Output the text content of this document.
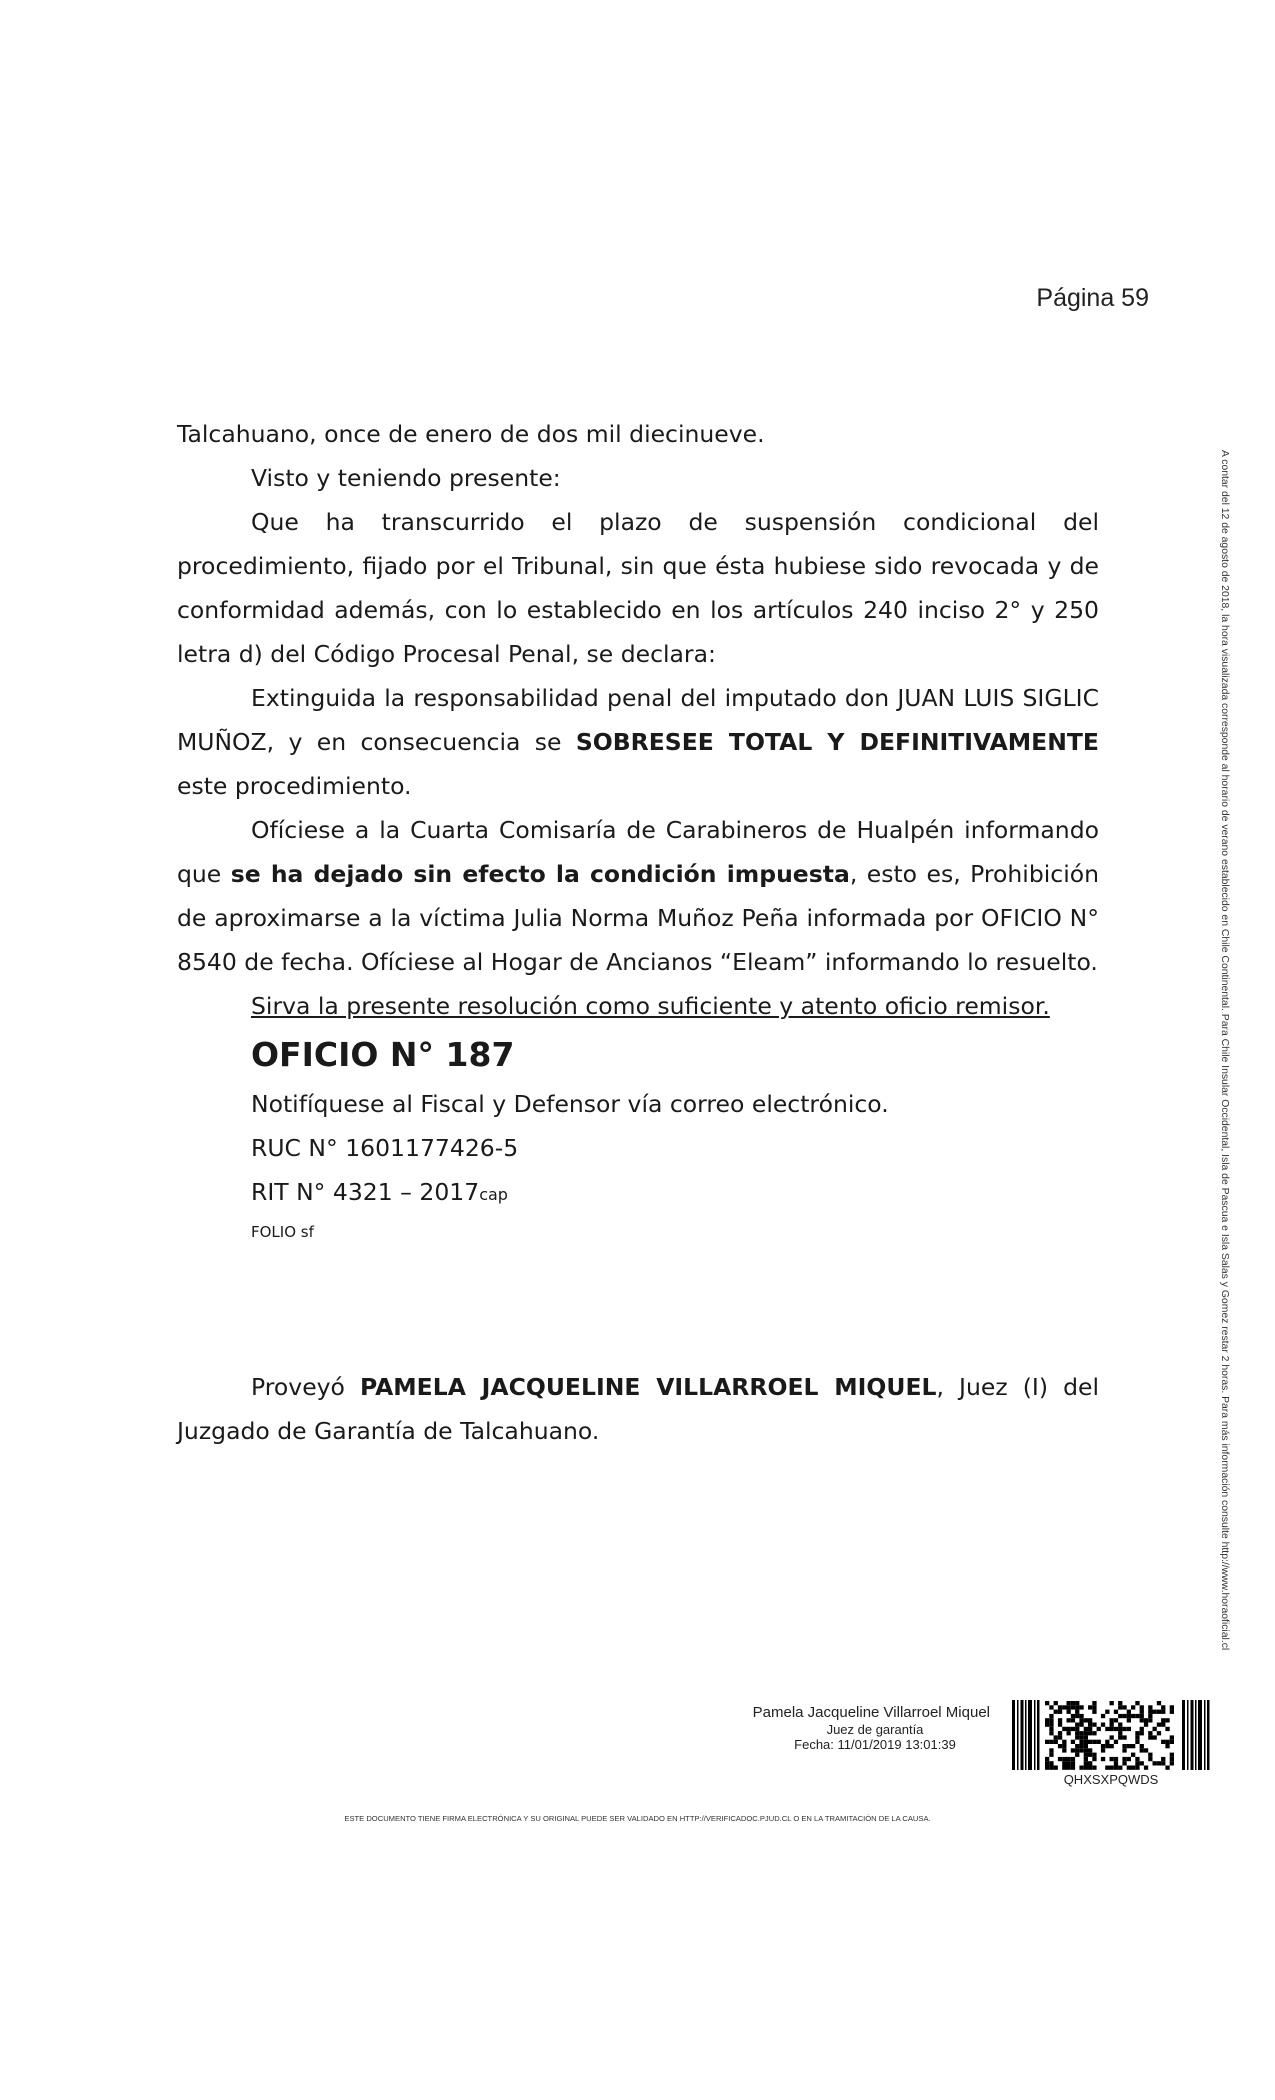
Página 59

Talcahuano, once de enero de dos mil diecinueve.

Visto y teniendo presente:

Que ha transcurrido el plazo de suspensión condicional del procedimiento, fijado por el Tribunal, sin que ésta hubiese sido revocada y de conformidad además, con lo establecido en los artículos 240 inciso 2° y 250 letra d) del Código Procesal Penal, se declara:

Extinguida la responsabilidad penal del imputado don JUAN LUIS SIGLIC MUÑOZ, y en consecuencia se SOBRESEE TOTAL Y DEFINITIVAMENTE este procedimiento.

Ofíciese a la Cuarta Comisaría de Carabineros de Hualpén informando que se ha dejado sin efecto la condición impuesta, esto es, Prohibición de aproximarse a la víctima Julia Norma Muñoz Peña informada por OFICIO N° 8540 de fecha. Ofíciese al Hogar de Ancianos “Eleam” informando lo resuelto.

Sirva la presente resolución como suficiente y atento oficio remisor.

OFICIO N° 187

Notifíquese al Fiscal y Defensor vía correo electrónico.

RUC N° 1601177426-5

RIT N° 4321 – 2017cap

FOLIO sf

Proveyó PAMELA JACQUELINE VILLARROEL MIQUEL, Juez (I) del Juzgado de Garantía de Talcahuano.	A contar del 12 de agosto de 2018, la hora visualizada corresponde al horario de verano establecido en Chile Continental. Para Chile Insular Occidental, Isla de Pascua e Isla Salas y Gomez restar 2 horas. Para más información consulte http://www.horaoficial.cl
Pamela Jacqueline Villarroel Miquel
Juez de garantía
Fecha: 11/01/2019 13:01:39
QHXSXPQWDS
ESTE DOCUMENTO TIENE FIRMA ELECTRÓNICA Y SU ORIGINAL PUEDE SER VALIDADO EN HTTP://VERIFICADOC.PJUD.CL O EN LA TRAMITACIÓN DE LA CAUSA.
